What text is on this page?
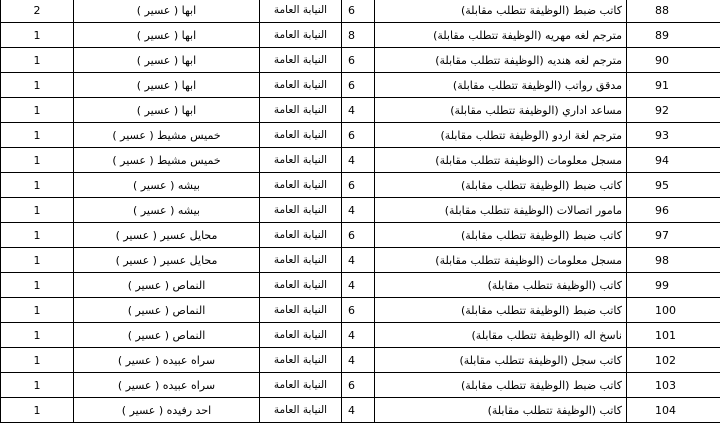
2	ابها ( عسير )	النيابة العامة	6	كاتب ضبط (الوظيفة تتطلب مقابلة)	88
1	ابها ( عسير )	النيابة العامة	8	مترجم لغه مهريه (الوظيفة تتطلب مقابلة)	89
1	ابها ( عسير )	النيابة العامة	6	مترجم لغه هنديه (الوظيفة تتطلب مقابلة)	90
1	ابها ( عسير )	النيابة العامة	6	مدقق رواتب (الوظيفة تتطلب مقابلة)	91
1	ابها ( عسير )	النيابة العامة	4	مساعد اداري (الوظيفة تتطلب مقابلة)	92
1	خميس مشيط ( عسير )	النيابة العامة	6	مترجم لغة اردو (الوظيفة تتطلب مقابلة)	93
1	خميس مشيط ( عسير )	النيابة العامة	4	مسجل معلومات (الوظيفة تتطلب مقابلة)	94
1	بيشه ( عسير )	النيابة العامة	6	كاتب ضبط (الوظيفة تتطلب مقابلة)	95
1	بيشه ( عسير )	النيابة العامة	4	مامور اتصالات (الوظيفة تتطلب مقابلة)	96
1	محايل عسير ( عسير )	النيابة العامة	6	كاتب ضبط (الوظيفة تتطلب مقابلة)	97
1	محايل عسير ( عسير )	النيابة العامة	4	مسجل معلومات (الوظيفة تتطلب مقابلة)	98
1	النماص ( عسير )	النيابة العامة	4	كاتب (الوظيفة تتطلب مقابلة)	99
1	النماص ( عسير )	النيابة العامة	6	كاتب ضبط (الوظيفة تتطلب مقابلة)	100
1	النماص ( عسير )	النيابة العامة	4	ناسخ اله (الوظيفة تتطلب مقابلة)	101
1	سراه عبيده ( عسير )	النيابة العامة	4	كاتب سجل (الوظيفة تتطلب مقابلة)	102
1	سراه عبيده ( عسير )	النيابة العامة	6	كاتب ضبط (الوظيفة تتطلب مقابلة)	103
1	احد رفيده ( عسير )	النيابة العامة	4	كاتب (الوظيفة تتطلب مقابلة)	104
